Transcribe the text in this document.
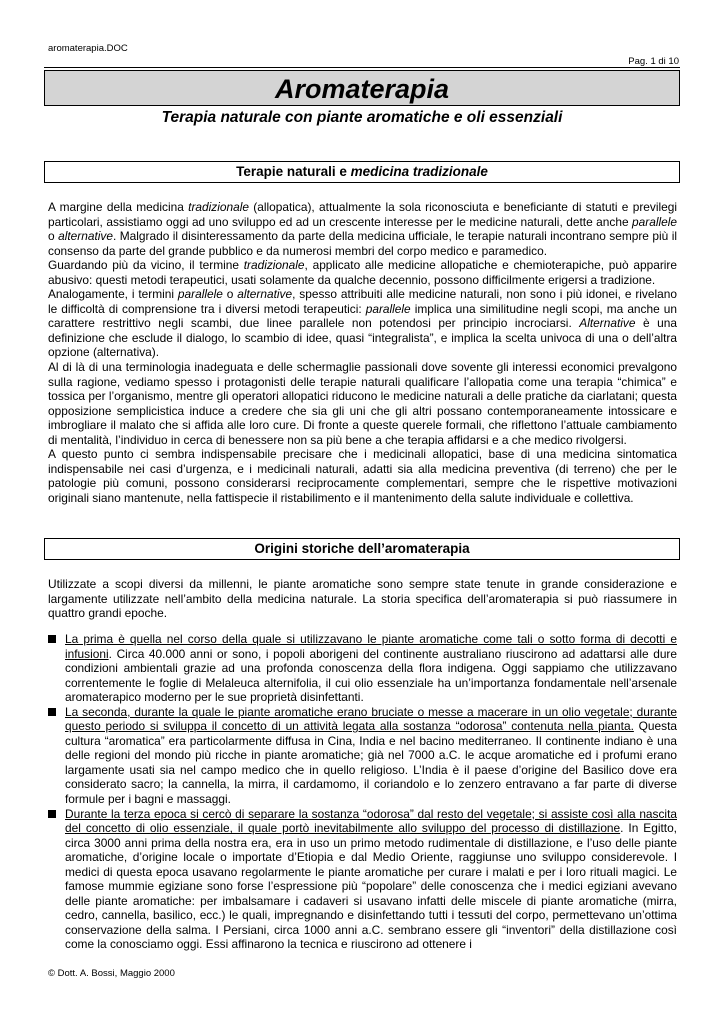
aromaterapia.DOC
Pag. 1 di 10
Aromaterapia
Terapia naturale con piante aromatiche e oli essenziali
Terapie naturali e medicina tradizionale

A margine della medicina tradizionale (allopatica), attualmente la sola riconosciuta e beneficiante di statuti e previlegi particolari, assistiamo oggi ad uno sviluppo ed ad un crescente interesse per le medicine naturali, dette anche parallele o alternative. Malgrado il disinteressamento da parte della medicina ufficiale, le terapie naturali incontrano sempre più il consenso da parte del grande pubblico e da numerosi membri del corpo medico e paramedico.

Guardando più da vicino, il termine tradizionale, applicato alle medicine allopatiche e chemioterapiche, può apparire abusivo: questi metodi terapeutici, usati solamente da qualche decennio, possono difficilmente erigersi a tradizione.

Analogamente, i termini parallele o alternative, spesso attribuiti alle medicine naturali, non sono i più idonei, e rivelano le difficoltà di comprensione tra i diversi metodi terapeutici: parallele implica una similitudine negli scopi, ma anche un carattere restrittivo negli scambi, due linee parallele non potendosi per principio incrociarsi. Alternative è una definizione che esclude il dialogo, lo scambio di idee, quasi “integralista”, e implica la scelta univoca di una o dell’altra opzione (alternativa).

Al di là di una terminologia inadeguata e delle schermaglie passionali dove sovente gli interessi economici prevalgono sulla ragione, vediamo spesso i protagonisti delle terapie naturali qualificare l’allopatia come una terapia “chimica” e tossica per l’organismo, mentre gli operatori allopatici riducono le medicine naturali a delle pratiche da ciarlatani; questa opposizione semplicistica induce a credere che sia gli uni che gli altri possano contemporaneamente intossicare e imbrogliare il malato che si affida alle loro cure. Di fronte a queste querele formali, che riflettono l’attuale cambiamento di mentalità, l’individuo in cerca di benessere non sa più bene a che terapia affidarsi e a che medico rivolgersi.

A questo punto ci sembra indispensabile precisare che i medicinali allopatici, base di una medicina sintomatica indispensabile nei casi d’urgenza, e i medicinali naturali, adatti sia alla medicina preventiva (di terreno) che per le patologie più comuni, possono considerarsi reciprocamente complementari, sempre che le rispettive motivazioni originali siano mantenute, nella fattispecie il ristabilimento e il mantenimento della salute individuale e collettiva.

Origini storiche dell’aromaterapia
Utilizzate a scopi diversi da millenni, le piante aromatiche sono sempre state tenute in grande considerazione e largamente utilizzate nell’ambito della medicina naturale. La storia specifica dell’aromaterapia si può riassumere in quattro grandi epoche.
La prima è quella nel corso della quale si utilizzavano le piante aromatiche come tali o sotto forma di decotti e infusioni. Circa 40.000 anni or sono, i popoli aborigeni del continente australiano riuscirono ad adattarsi alle dure condizioni ambientali grazie ad una profonda conoscenza della flora indigena. Oggi sappiamo che utilizzavano correntemente le foglie di Melaleuca alternifolia, il cui olio essenziale ha un’importanza fondamentale nell’arsenale aromaterapico moderno per le sue proprietà disinfettanti.
La seconda, durante la quale le piante aromatiche erano bruciate o messe a macerare in un olio vegetale; durante questo periodo si sviluppa il concetto di un attività legata alla sostanza “odorosa” contenuta nella pianta. Questa cultura “aromatica” era particolarmente diffusa in Cina, India e nel bacino mediterraneo. Il continente indiano è una delle regioni del mondo più ricche in piante aromatiche; già nel 7000 a.C. le acque aromatiche ed i profumi erano largamente usati sia nel campo medico che in quello religioso. L’India è il paese d’origine del Basilico dove era considerato sacro; la cannella, la mirra, il cardamomo, il coriandolo e lo zenzero entravano a far parte di diverse formule per i bagni e massaggi.
Durante la terza epoca si cercò di separare la sostanza “odorosa” dal resto del vegetale; si assiste così alla nascita del concetto di olio essenziale, il quale portò inevitabilmente allo sviluppo del processo di distillazione. In Egitto, circa 3000 anni prima della nostra era, era in uso un primo metodo rudimentale di distillazione, e l’uso delle piante aromatiche, d’origine locale o importate d’Etiopia e dal Medio Oriente, raggiunse uno sviluppo considerevole. I medici di questa epoca usavano regolarmente le piante aromatiche per curare i malati e per i loro rituali magici. Le famose mummie egiziane sono forse l’espressione più “popolare” delle conoscenza che i medici egiziani avevano delle piante aromatiche: per imbalsamare i cadaveri si usavano infatti delle miscele di piante aromatiche (mirra, cedro, cannella, basilico, ecc.) le quali, impregnando e disinfettando tutti i tessuti del corpo, permettevano un’ottima conservazione della salma. I Persiani, circa 1000 anni a.C. sembrano essere gli “inventori” della distillazione così come la conosciamo oggi. Essi affinarono la tecnica e riuscirono ad ottenere i
© Dott. A. Bossi, Maggio 2000
